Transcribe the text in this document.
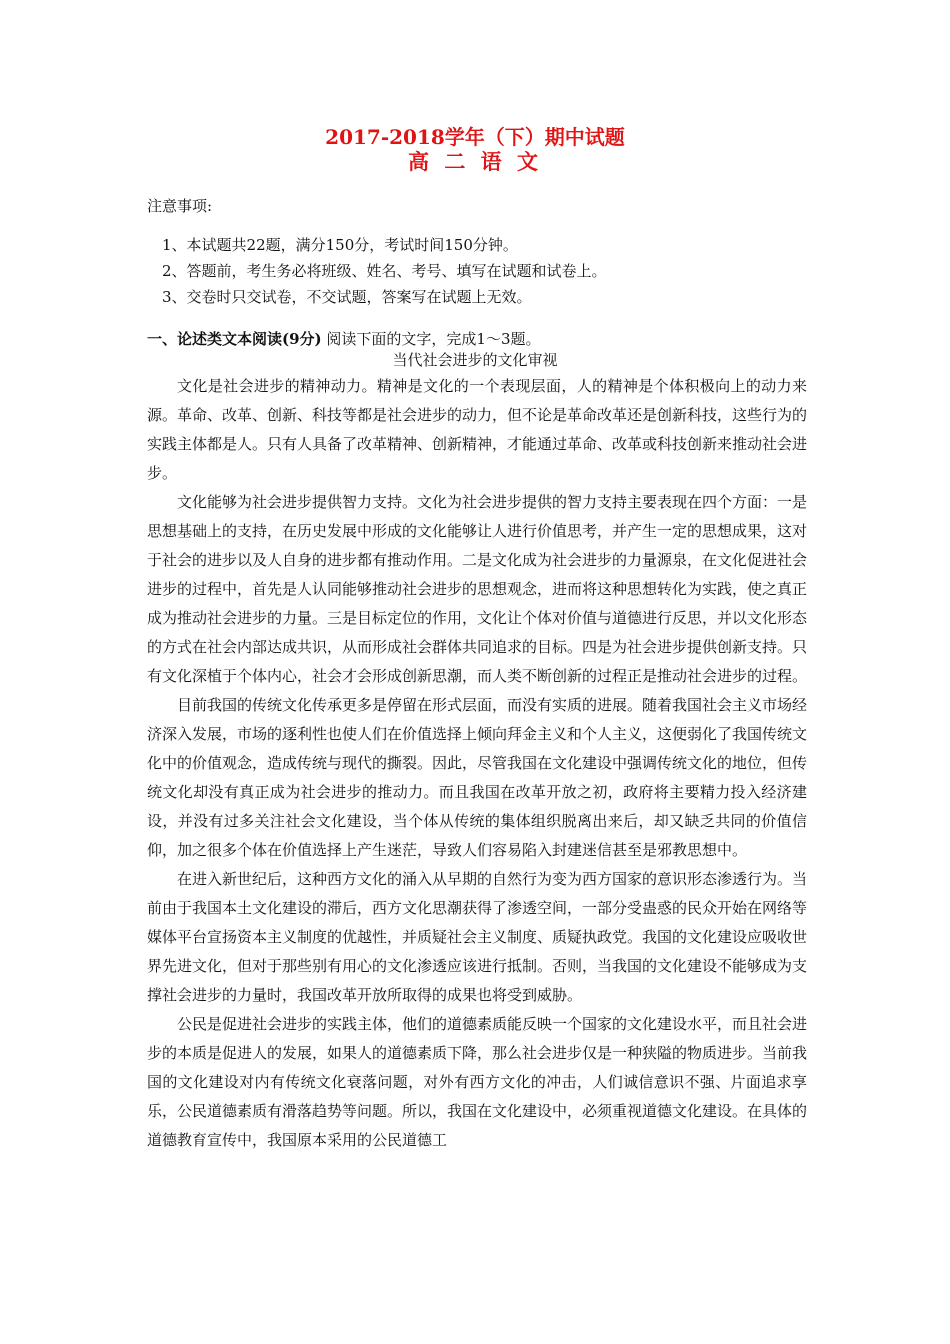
2017-2018学年（下）期中试题
高 二 语 文
注意事项:
1、本试题共22题，满分150分，考试时间150分钟。
2、答题前，考生务必将班级、姓名、考号、填写在试题和试卷上。
3、交卷时只交试卷，不交试题，答案写在试题上无效。
一、论述类文本阅读(9分) 阅读下面的文字，完成1～3题。
当代社会进步的文化审视

文化是社会进步的精神动力。精神是文化的一个表现层面，人的精神是个体积极向上的动力来源。革命、改革、创新、科技等都是社会进步的动力，但不论是革命改革还是创新科技，这些行为的实践主体都是人。只有人具备了改革精神、创新精神，才能通过革命、改革或科技创新来推动社会进步。

文化能够为社会进步提供智力支持。文化为社会进步提供的智力支持主要表现在四个方面：一是思想基础上的支持，在历史发展中形成的文化能够让人进行价值思考，并产生一定的思想成果，这对于社会的进步以及人自身的进步都有推动作用。二是文化成为社会进步的力量源泉，在文化促进社会进步的过程中，首先是人认同能够推动社会进步的思想观念，进而将这种思想转化为实践，使之真正成为推动社会进步的力量。三是目标定位的作用，文化让个体对价值与道德进行反思，并以文化形态的方式在社会内部达成共识，从而形成社会群体共同追求的目标。四是为社会进步提供创新支持。只有文化深植于个体内心，社会才会形成创新思潮，而人类不断创新的过程正是推动社会进步的过程。

目前我国的传统文化传承更多是停留在形式层面，而没有实质的进展。随着我国社会主义市场经济深入发展，市场的逐利性也使人们在价值选择上倾向拜金主义和个人主义，这便弱化了我国传统文化中的价值观念，造成传统与现代的撕裂。因此，尽管我国在文化建设中强调传统文化的地位，但传统文化却没有真正成为社会进步的推动力。而且我国在改革开放之初，政府将主要精力投入经济建设，并没有过多关注社会文化建设，当个体从传统的集体组织脱离出来后，却又缺乏共同的价值信仰，加之很多个体在价值选择上产生迷茫，导致人们容易陷入封建迷信甚至是邪教思想中。

在进入新世纪后，这种西方文化的涌入从早期的自然行为变为西方国家的意识形态渗透行为。当前由于我国本土文化建设的滞后，西方文化思潮获得了渗透空间，一部分受蛊惑的民众开始在网络等媒体平台宣扬资本主义制度的优越性，并质疑社会主义制度、质疑执政党。我国的文化建设应吸收世界先进文化，但对于那些别有用心的文化渗透应该进行抵制。否则，当我国的文化建设不能够成为支撑社会进步的力量时，我国改革开放所取得的成果也将受到威胁。

公民是促进社会进步的实践主体，他们的道德素质能反映一个国家的文化建设水平，而且社会进步的本质是促进人的发展，如果人的道德素质下降，那么社会进步仅是一种狭隘的物质进步。当前我国的文化建设对内有传统文化衰落问题，对外有西方文化的冲击，人们诚信意识不强、片面追求享乐，公民道德素质有滑落趋势等问题。所以，我国在文化建设中，必须重视道德文化建设。在具体的道德教育宣传中，我国原本采用的公民道德工
